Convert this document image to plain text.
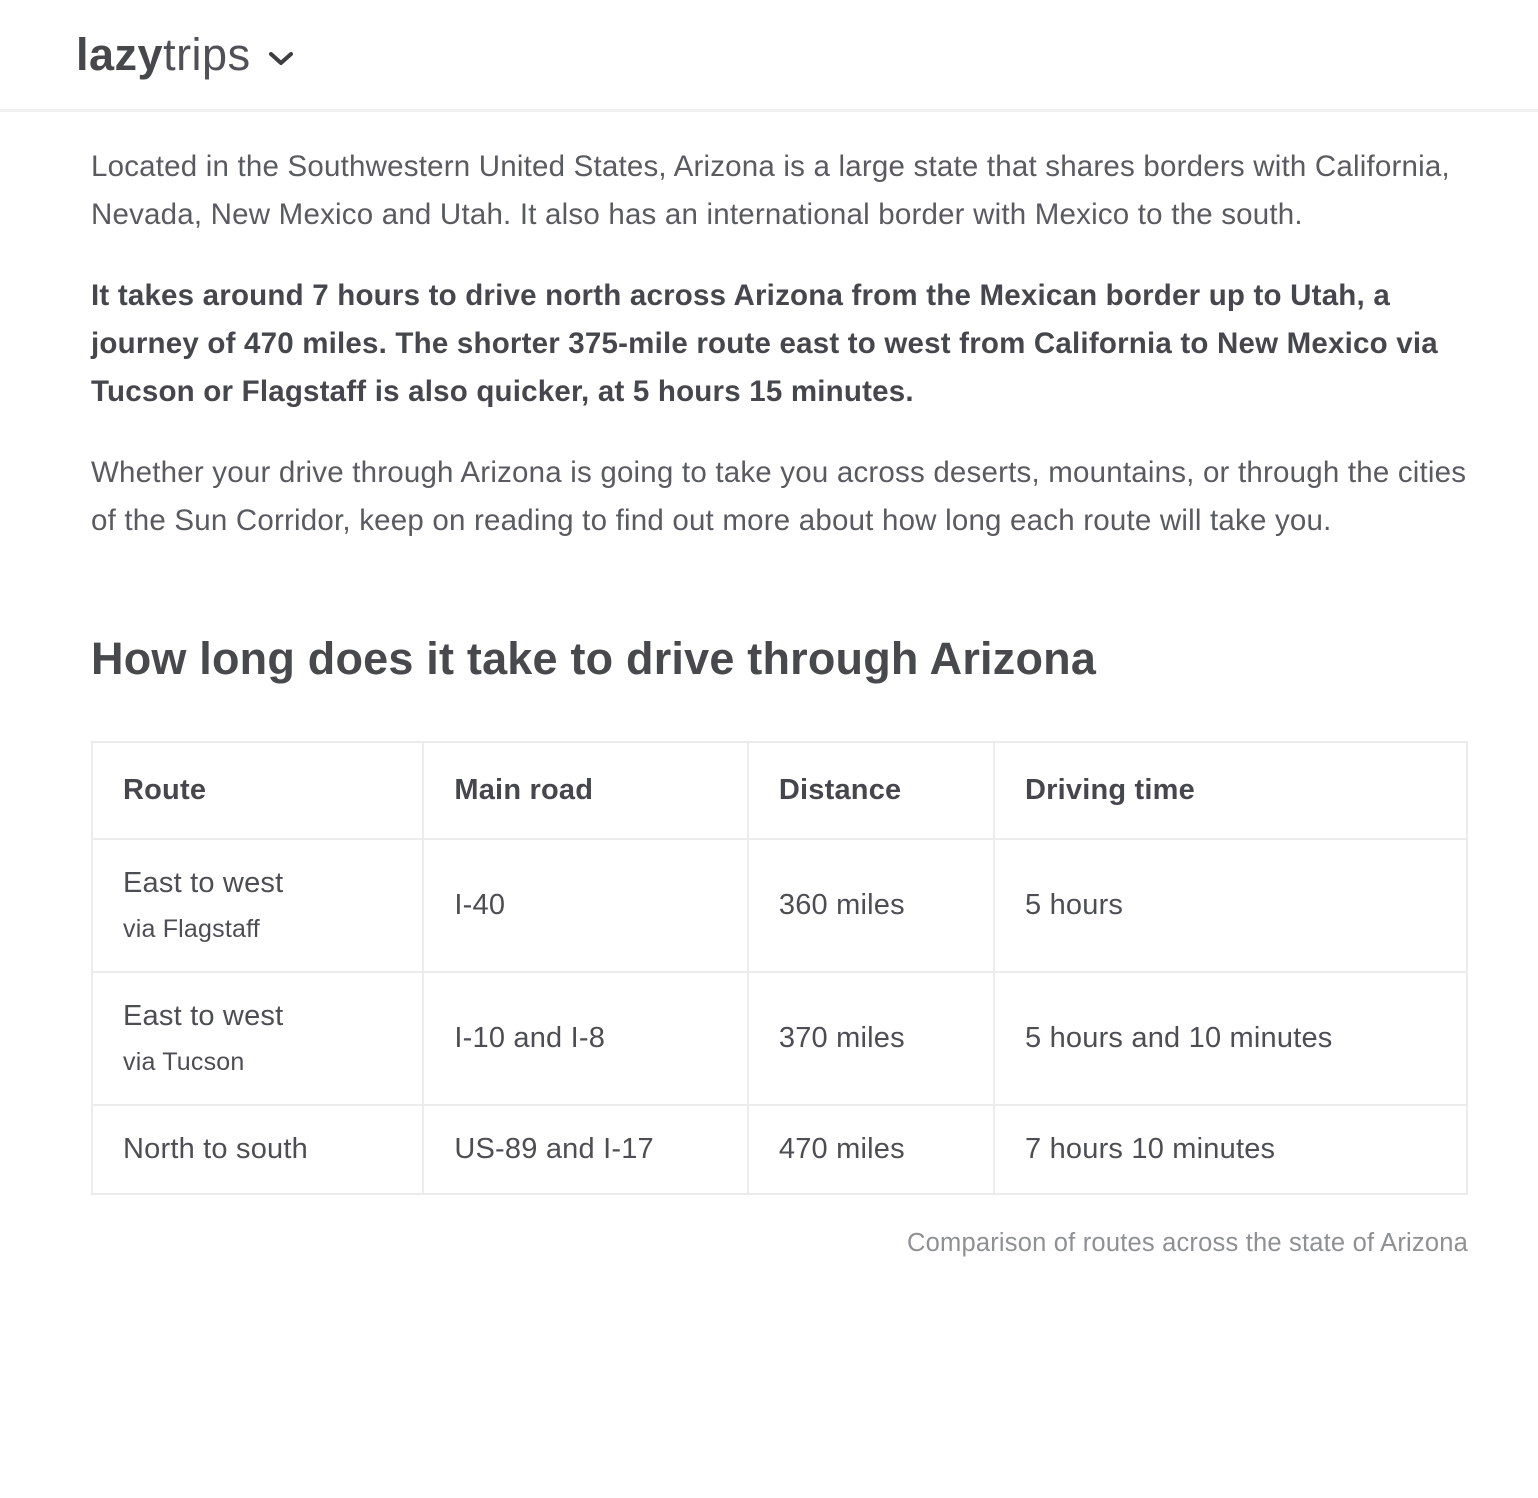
lazy trips

Located in the Southwestern United States, Arizona is a large state that shares borders with California, Nevada, New Mexico and Utah. It also has an international border with Mexico to the south.

It takes around 7 hours to drive north across Arizona from the Mexican border up to Utah, a journey of 470 miles. The shorter 375-mile route east to west from California to New Mexico via Tucson or Flagstaff is also quicker, at 5 hours 15 minutes.

Whether your drive through Arizona is going to take you across deserts, mountains, or through the cities of the Sun Corridor, keep on reading to find out more about how long each route will take you.

How long does it take to drive through Arizona
Route	Main road	Distance	Driving time

East to west
via Flagstaff	I-40	360 miles	5 hours

East to west
via Tucson	I-10 and I-8	370 miles	5 hours and 10 minutes

North to south	US-89 and I-17	470 miles	7 hours 10 minutes
Comparison of routes across the state of Arizona
